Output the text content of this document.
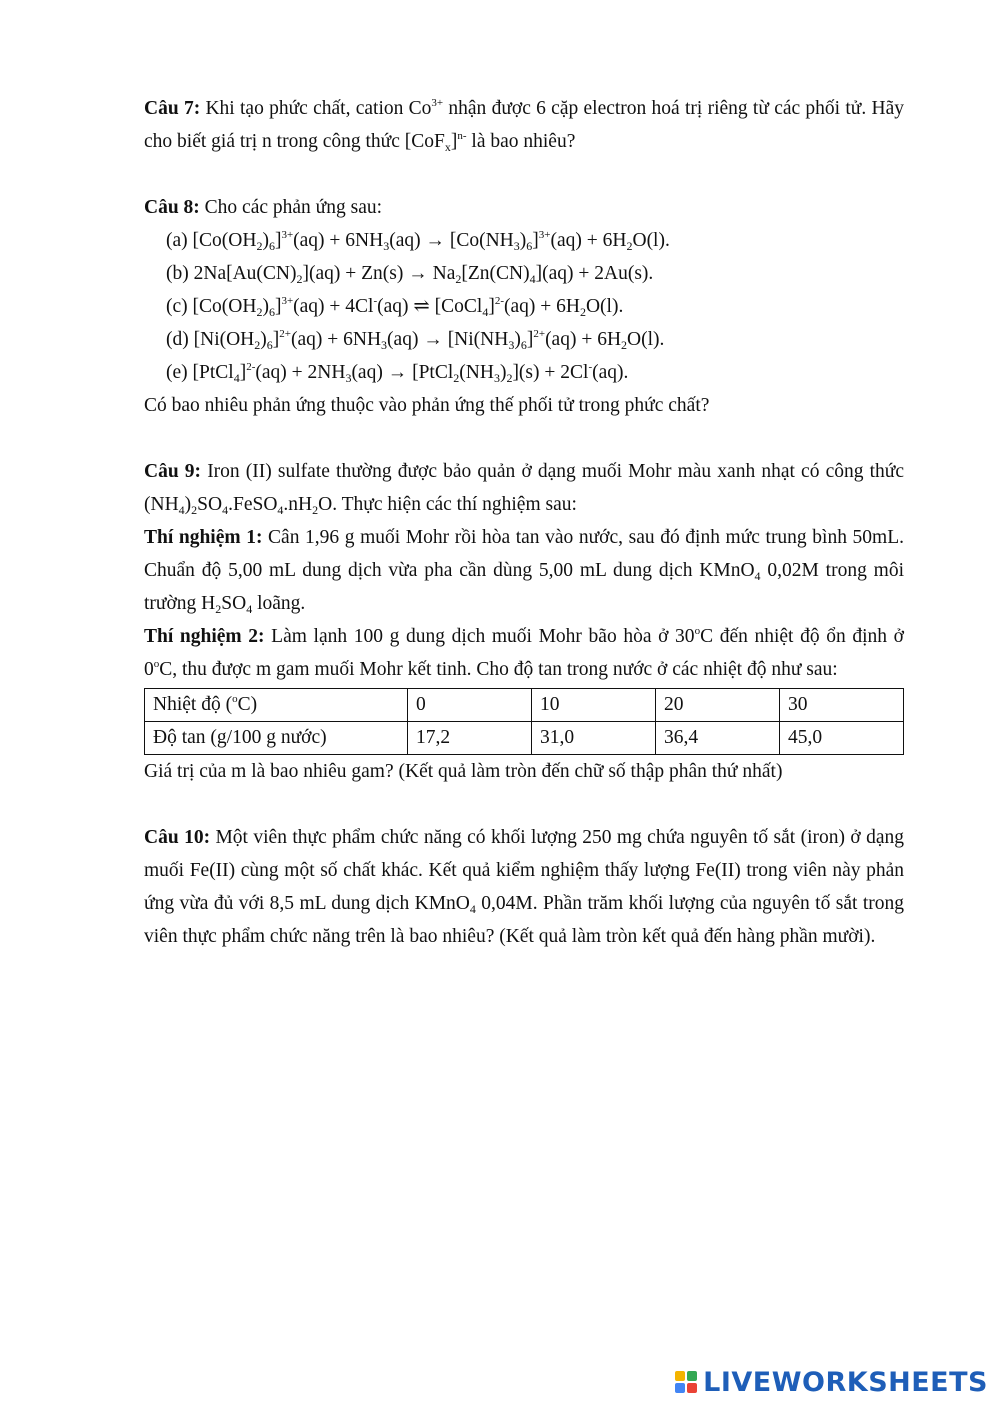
Câu 7: Khi tạo phức chất, cation $Co^{3+}$ nhận được 6 cặp electron hoá trị riêng từ các phối tử. Hãy cho biết giá trị n trong công thức $[CoF_x]^{n-}$ là bao nhiêu?

Câu 8: Cho các phản ứng sau:

(a) $[Co(OH_2)_6]^{3+}(aq) + 6NH_3(aq) \to [Co(NH_3)_6]^{3+}(aq) + 6H_2O(l)$.

(b) $2Na[Au(CN)_2](aq) + Zn(s) \to Na_2[Zn(CN)_4](aq) + 2Au(s)$.

(c) $[Co(OH_2)_6]^{3+}(aq) + 4Cl^-(aq)$ ⇌ [CoCl$_4$]$^{2-}$(aq) + $6H_2O(l)$.

(d) $[Ni(OH_2)_6]^{2+}(aq) + 6NH_3(aq) \to [Ni(NH_3)_6]^{2+}(aq) + 6H_2O(l)$.

(e) [PtCl$_4$]$^{2-}$(aq) + $2NH_3(aq)$ → $[PtCl_2(NH_3)_2](s) + 2Cl^-(aq)$.

Có bao nhiêu phản ứng thuộc vào phản ứng thế phối tử trong phức chất?

Câu 9: Iron (II) sulfate thường được bảo quản ở dạng muối Mohr màu xanh nhạt có công thức $(NH_4)_2SO_4.FeSO_4.nH_2O$. Thực hiện các thí nghiệm sau:

Thí nghiệm 1: Cân 1,96 g muối Mohr rồi hòa tan vào nước, sau đó định mức trung bình 50mL. Chuẩn độ 5,00 mL dung dịch vừa pha cần dùng 5,00 mL dung dịch KMnO$_4$ 0,02M trong môi trường $H_2SO_4$ loãng.

Thí nghiệm 2: Làm lạnh 100 g dung dịch muối Mohr bão hòa ở 30$^o$C đến nhiệt độ ổn định ở 0$^o$C, thu được m gam muối Mohr kết tinh. Cho độ tan trong nước ở các nhiệt độ như sau:

Nhiệt độ ($^o$C)	0	10	20	30
Độ tan (g/100 g nước)	17,2	31,0	36,4	45,0

Giá trị của m là bao nhiêu gam? (Kết quả làm tròn đến chữ số thập phân thứ nhất)

Câu 10: Một viên thực phẩm chức năng có khối lượng 250 mg chứa nguyên tố sắt (iron) ở dạng muối Fe(II) cùng một số chất khác. Kết quả kiểm nghiệm thấy lượng Fe(II) trong viên này phản ứng vừa đủ với 8,5 mL dung dịch KMnO$_4$ 0,04M. Phần trăm khối lượng của nguyên tố sắt trong viên thực phẩm chức năng trên là bao nhiêu? (Kết quả làm tròn kết quả đến hàng phần mười).

LIVEWORKSHEETS
